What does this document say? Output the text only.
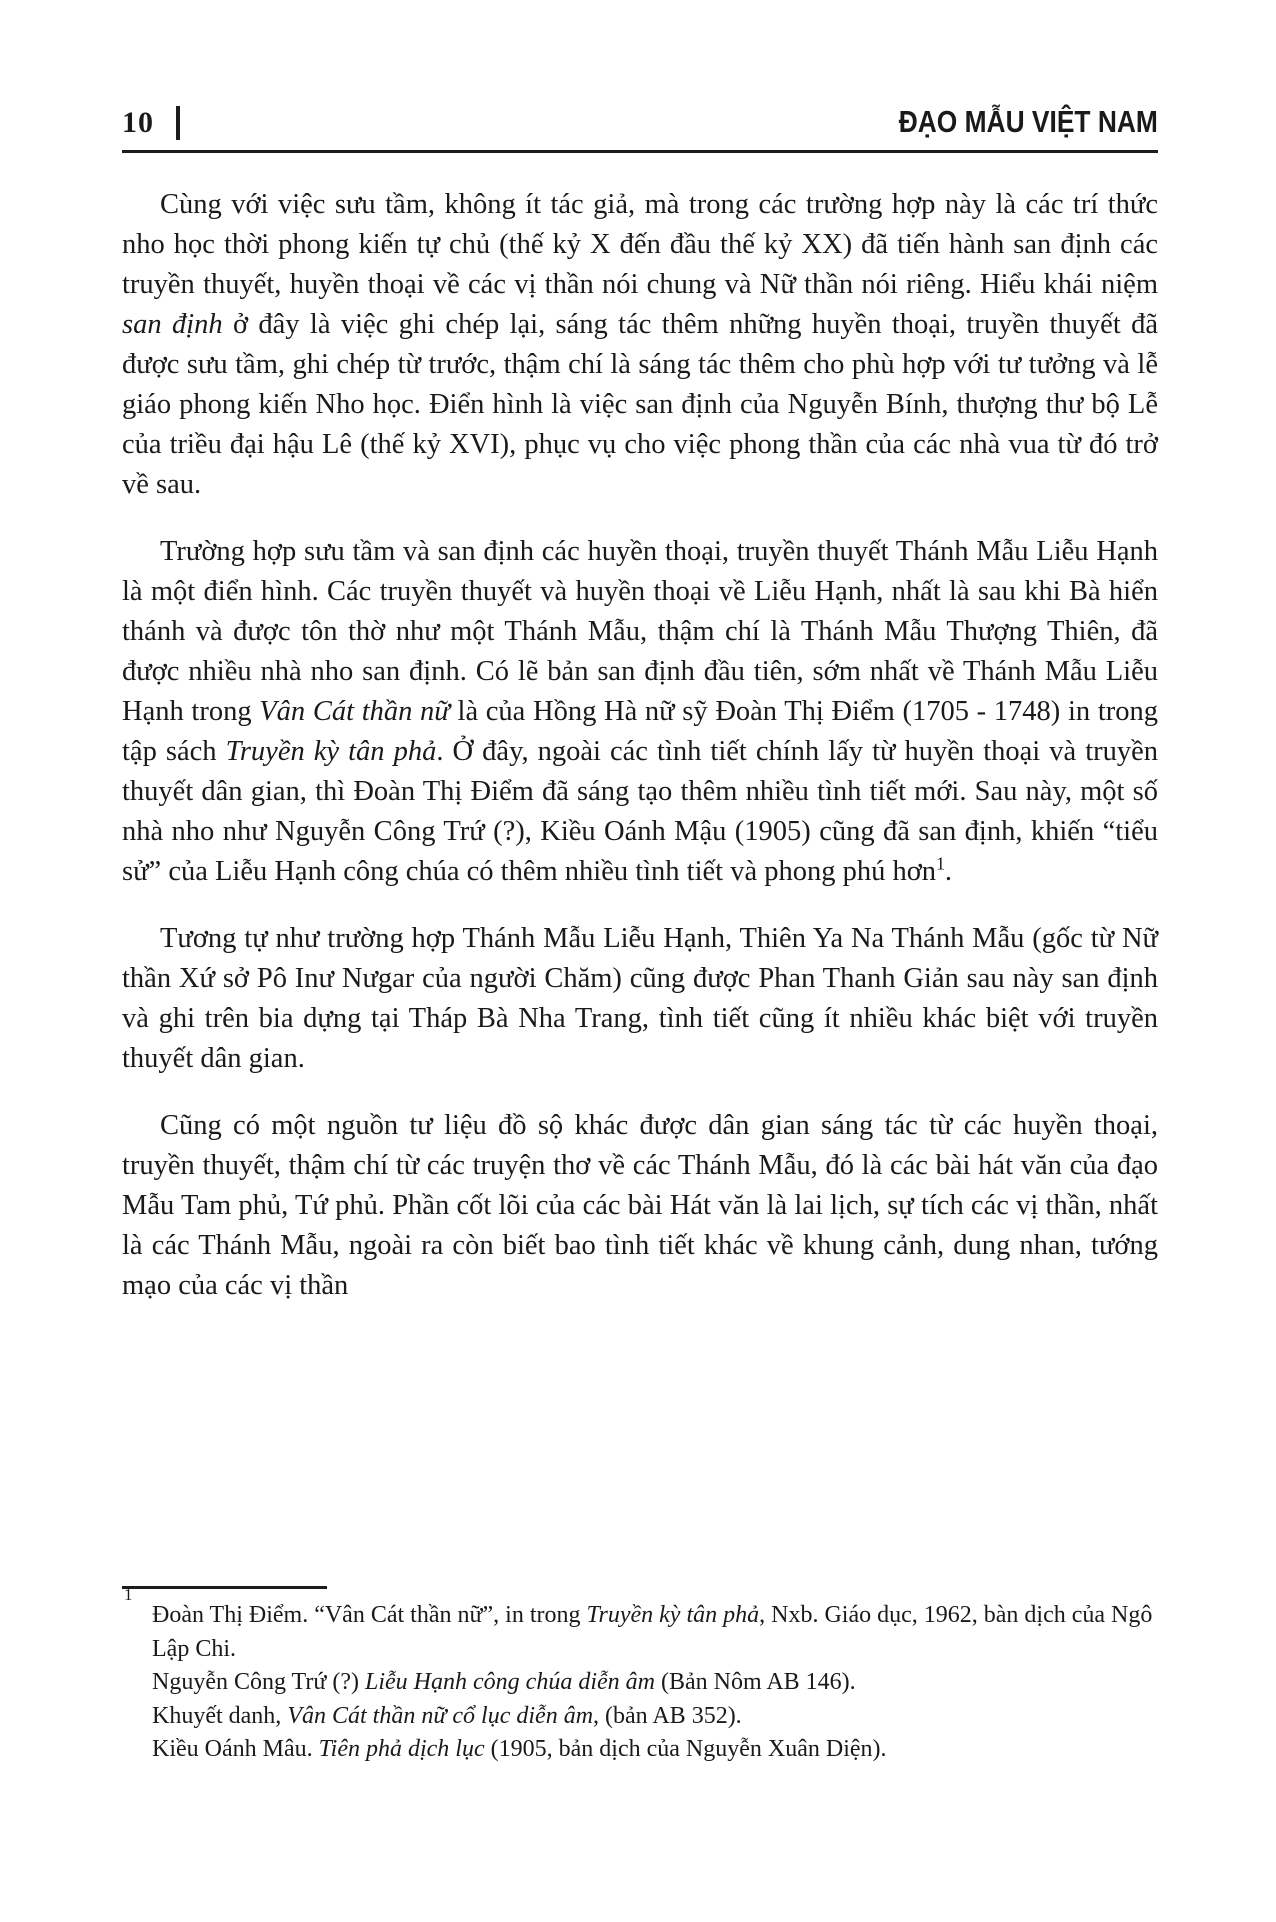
10	ĐẠO MẪU VIỆT NAM

Cùng với việc sưu tầm, không ít tác giả, mà trong các trường hợp này là các trí thức nho học thời phong kiến tự chủ (thế kỷ X đến đầu thế kỷ XX) đã tiến hành san định các truyền thuyết, huyền thoại về các vị thần nói chung và Nữ thần nói riêng. Hiểu khái niệm san định ở đây là việc ghi chép lại, sáng tác thêm những huyền thoại, truyền thuyết đã được sưu tầm, ghi chép từ trước, thậm chí là sáng tác thêm cho phù hợp với tư tưởng và lễ giáo phong kiến Nho học. Điển hình là việc san định của Nguyễn Bính, thượng thư bộ Lễ của triều đại hậu Lê (thế kỷ XVI), phục vụ cho việc phong thần của các nhà vua từ đó trở về sau.

Trường hợp sưu tầm và san định các huyền thoại, truyền thuyết Thánh Mẫu Liễu Hạnh là một điển hình. Các truyền thuyết và huyền thoại về Liễu Hạnh, nhất là sau khi Bà hiển thánh và được tôn thờ như một Thánh Mẫu, thậm chí là Thánh Mẫu Thượng Thiên, đã được nhiều nhà nho san định. Có lẽ bản san định đầu tiên, sớm nhất về Thánh Mẫu Liễu Hạnh trong Vân Cát thần nữ là của Hồng Hà nữ sỹ Đoàn Thị Điểm (1705 - 1748) in trong tập sách Truyền kỳ tân phả. Ở đây, ngoài các tình tiết chính lấy từ huyền thoại và truyền thuyết dân gian, thì Đoàn Thị Điểm đã sáng tạo thêm nhiều tình tiết mới. Sau này, một số nhà nho như Nguyễn Công Trứ (?), Kiều Oánh Mậu (1905) cũng đã san định, khiến “tiểu sử” của Liễu Hạnh công chúa có thêm nhiều tình tiết và phong phú hơn$^1$.

Tương tự như trường hợp Thánh Mẫu Liễu Hạnh, Thiên Ya Na Thánh Mẫu (gốc từ Nữ thần Xứ sở Pô Inư Nưgar của người Chăm) cũng được Phan Thanh Giản sau này san định và ghi trên bia dựng tại Tháp Bà Nha Trang, tình tiết cũng ít nhiều khác biệt với truyền thuyết dân gian.

Cũng có một nguồn tư liệu đồ sộ khác được dân gian sáng tác từ các huyền thoại, truyền thuyết, thậm chí từ các truyện thơ về các Thánh Mẫu, đó là các bài hát văn của đạo Mẫu Tam phủ, Tứ phủ. Phần cốt lõi của các bài Hát văn là lai lịch, sự tích các vị thần, nhất là các Thánh Mẫu, ngoài ra còn biết bao tình tiết khác về khung cảnh, dung nhan, tướng mạo của các vị thần

1
Đoàn Thị Điểm. “Vân Cát thần nữ”, in trong Truyền kỳ tân phả, Nxb. Giáo dục, 1962, bàn dịch của Ngô Lập Chi.
Nguyễn Công Trứ (?) Liễu Hạnh công chúa diễn âm (Bản Nôm AB 146).
Khuyết danh, Vân Cát thần nữ cổ lục diễn âm, (bản AB 352).
Kiều Oánh Mâu. Tiên phả dịch lục (1905, bản dịch của Nguyễn Xuân Diện).
